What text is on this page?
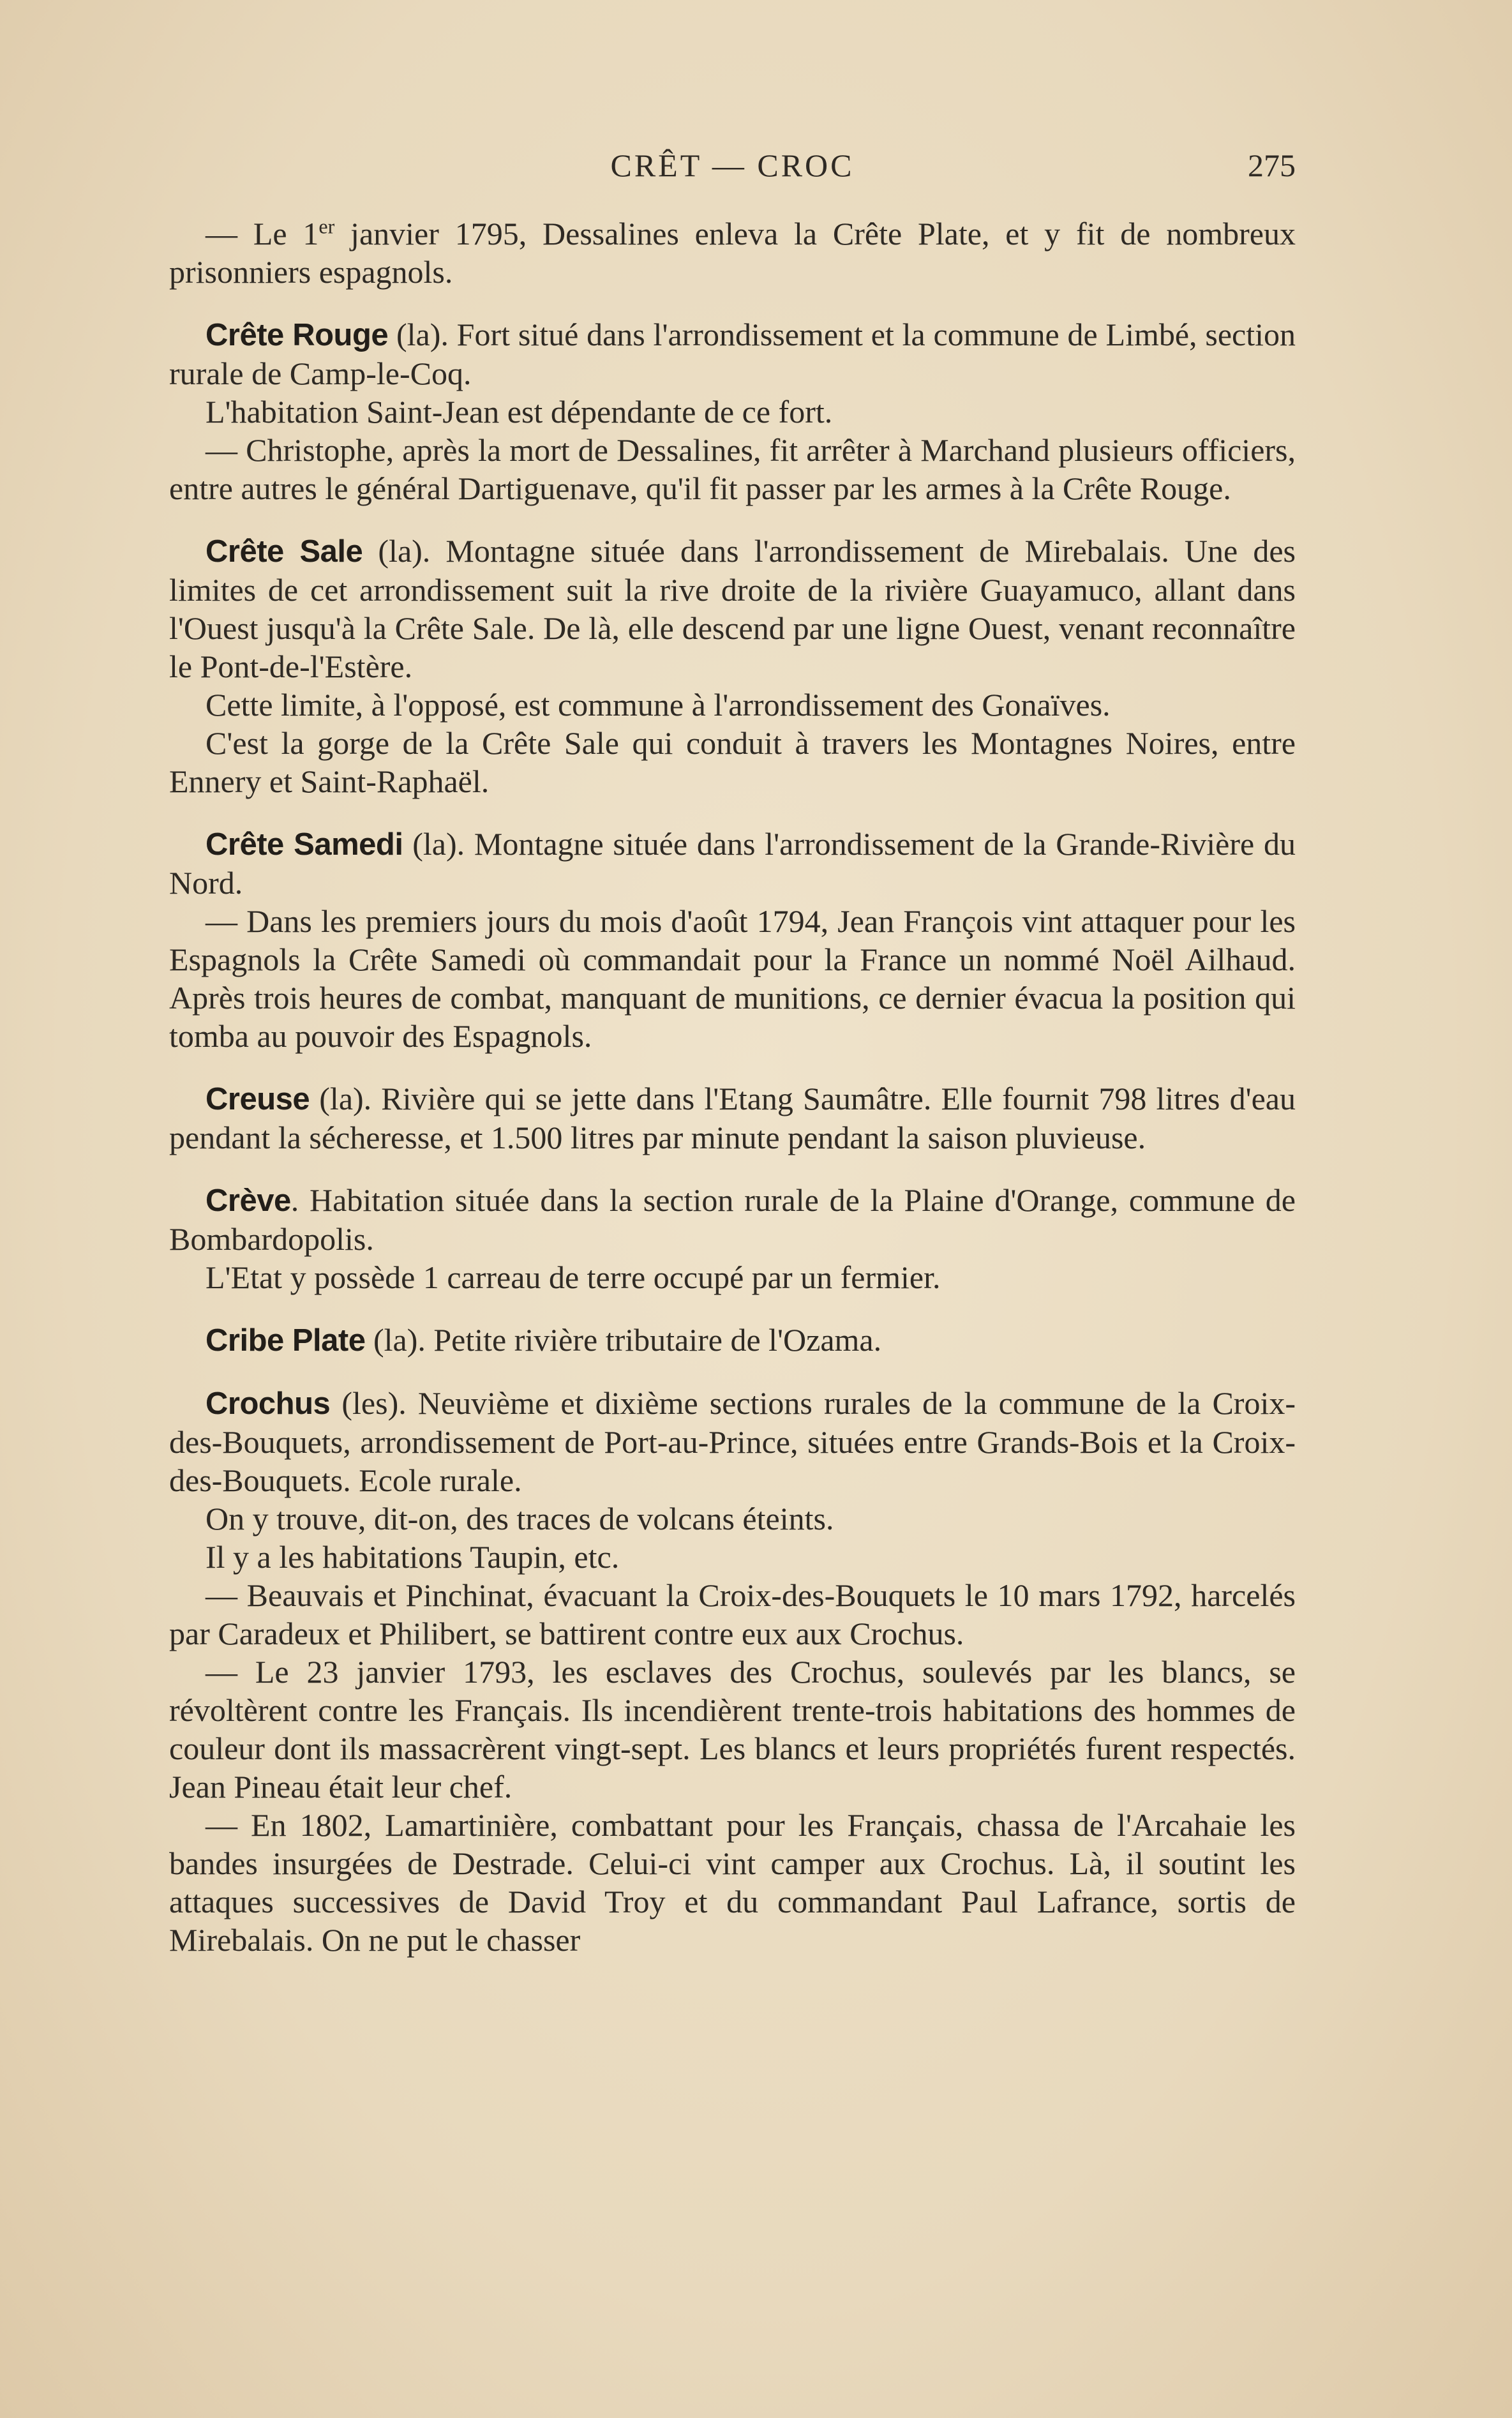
CRÊT — CROC	275

— Le 1er janvier 1795, Dessalines enleva la Crête Plate, et y fit de nombreux prisonniers espagnols.

Crête Rouge (la). Fort situé dans l'arrondissement et la commune de Limbé, section rurale de Camp-le-Coq.

L'habitation Saint-Jean est dépendante de ce fort.

— Christophe, après la mort de Dessalines, fit arrêter à Marchand plusieurs officiers, entre autres le général Dartiguenave, qu'il fit passer par les armes à la Crête Rouge.

Crête Sale (la). Montagne située dans l'arrondissement de Mirebalais. Une des limites de cet arrondissement suit la rive droite de la rivière Guayamuco, allant dans l'Ouest jusqu'à la Crête Sale. De là, elle descend par une ligne Ouest, venant reconnaître le Pont-de-l'Estère.

Cette limite, à l'opposé, est commune à l'arrondissement des Gonaïves.

C'est la gorge de la Crête Sale qui conduit à travers les Montagnes Noires, entre Ennery et Saint-Raphaël.

Crête Samedi (la). Montagne située dans l'arrondissement de la Grande-Rivière du Nord.

— Dans les premiers jours du mois d'août 1794, Jean François vint attaquer pour les Espagnols la Crête Samedi où commandait pour la France un nommé Noël Ailhaud. Après trois heures de combat, manquant de munitions, ce dernier évacua la position qui tomba au pouvoir des Espagnols.

Creuse (la). Rivière qui se jette dans l'Etang Saumâtre. Elle fournit 798 litres d'eau pendant la sécheresse, et 1.500 litres par minute pendant la saison pluvieuse.

Crève. Habitation située dans la section rurale de la Plaine d'Orange, commune de Bombardopolis.

L'Etat y possède 1 carreau de terre occupé par un fermier.

Cribe Plate (la). Petite rivière tributaire de l'Ozama.

Crochus (les). Neuvième et dixième sections rurales de la commune de la Croix-des-Bouquets, arrondissement de Port-au-Prince, situées entre Grands-Bois et la Croix-des-Bouquets. Ecole rurale.

On y trouve, dit-on, des traces de volcans éteints.

Il y a les habitations Taupin, etc.

— Beauvais et Pinchinat, évacuant la Croix-des-Bouquets le 10 mars 1792, harcelés par Caradeux et Philibert, se battirent contre eux aux Crochus.

— Le 23 janvier 1793, les esclaves des Crochus, soulevés par les blancs, se révoltèrent contre les Français. Ils incendièrent trente-trois habitations des hommes de couleur dont ils massacrèrent vingt-sept. Les blancs et leurs propriétés furent respectés. Jean Pineau était leur chef.

— En 1802, Lamartinière, combattant pour les Français, chassa de l'Arcahaie les bandes insurgées de Destrade. Celui-ci vint camper aux Crochus. Là, il soutint les attaques successives de David Troy et du commandant Paul Lafrance, sortis de Mirebalais. On ne put le chasser
